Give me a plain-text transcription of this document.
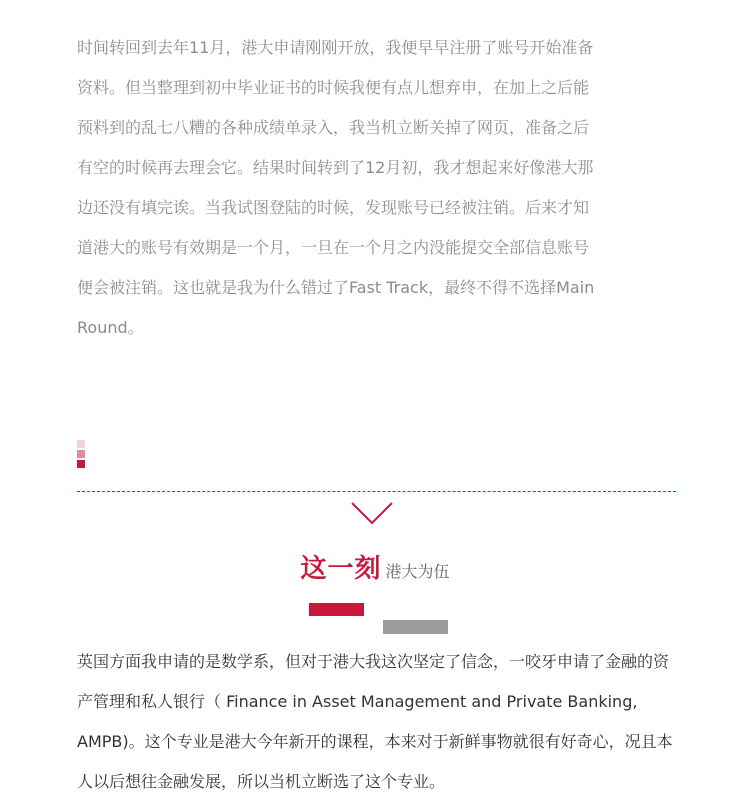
时间转回到去年11月，港大申请刚刚开放，我便早早注册了账号开始准备
资料。但当整理到初中毕业证书的时候我便有点儿想弃申，在加上之后能
预料到的乱七八糟的各种成绩单录入，我当机立断关掉了网页，准备之后
有空的时候再去理会它。结果时间转到了12月初，我才想起来好像港大那
边还没有填完诶。当我试图登陆的时候，发现账号已经被注销。后来才知
道港大的账号有效期是一个月，一旦在一个月之内没能提交全部信息账号
便会被注销。这也就是我为什么错过了Fast Track，最终不得不选择Main
Round。

这一刻 港大为伍

英国方面我申请的是数学系，但对于港大我这次坚定了信念，一咬牙申请了金融的资
产管理和私人银行（ Finance in Asset Management and Private Banking,
AMPB)。这个专业是港大今年新开的课程，本来对于新鲜事物就很有好奇心，况且本
人以后想往金融发展，所以当机立断选了这个专业。
